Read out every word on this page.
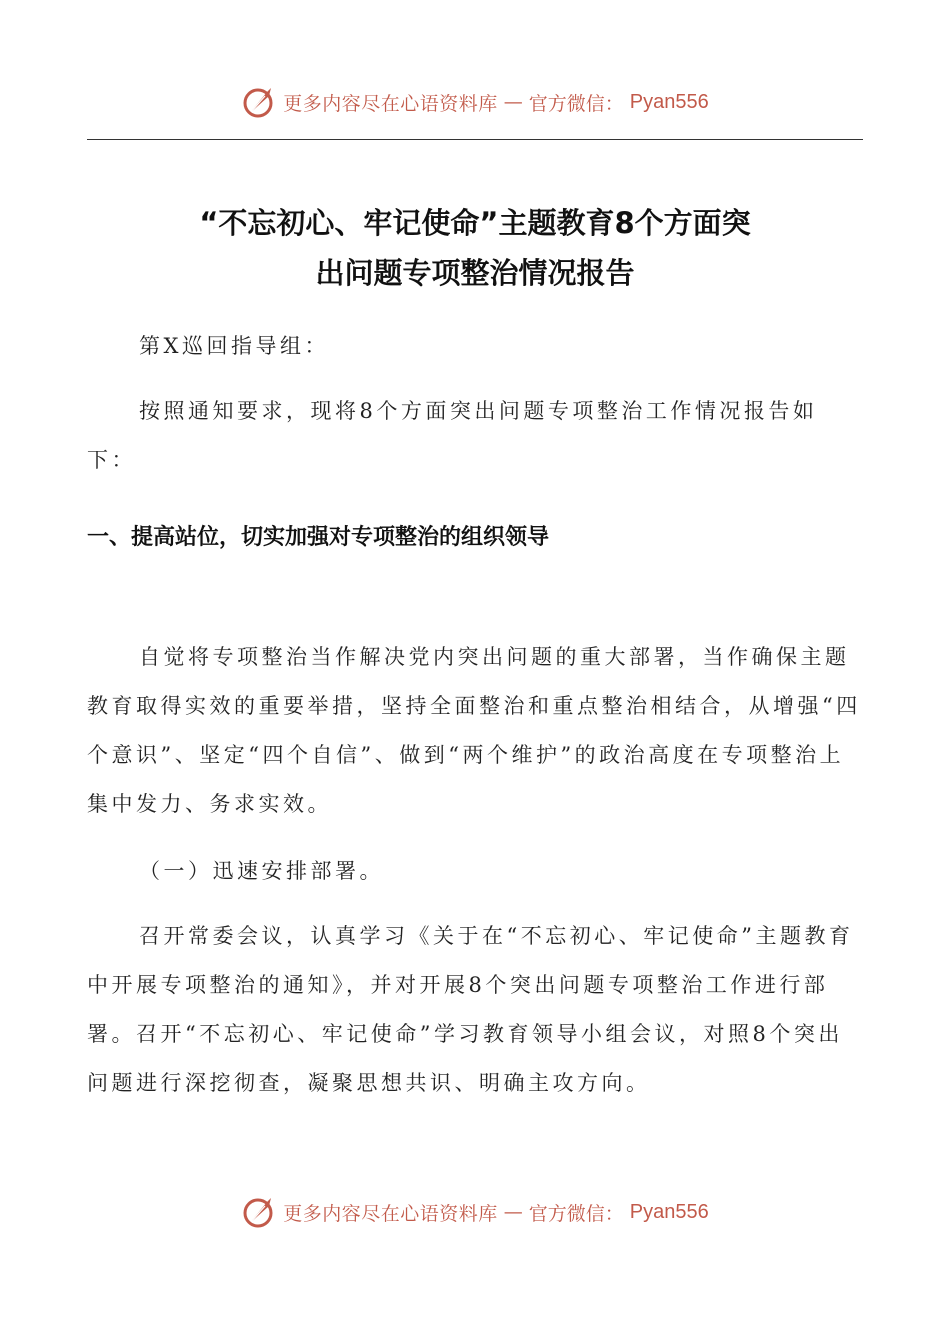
更多内容尽在心语资料库 — 官方微信： Pyan556
“不忘初心、牢记使命”主题教育8个方面突
出问题专项整治情况报告

第X巡回指导组：

按照通知要求，现将8个方面突出问题专项整治工作情况报告如下：

一、提高站位，切实加强对专项整治的组织领导

自觉将专项整治当作解决党内突出问题的重大部署，当作确保主题教育取得实效的重要举措，坚持全面整治和重点整治相结合，从增强“四个意识”、坚定“四个自信”、做到“两个维护”的政治高度在专项整治上集中发力、务求实效。

（一）迅速安排部署。

召开常委会议，认真学习《关于在“不忘初心、牢记使命”主题教育中开展专项整治的通知》，并对开展8个突出问题专项整治工作进行部署。召开“不忘初心、牢记使命”学习教育领导小组会议，对照8个突出问题进行深挖彻查，凝聚思想共识、明确主攻方向。

更多内容尽在心语资料库 — 官方微信： Pyan556
